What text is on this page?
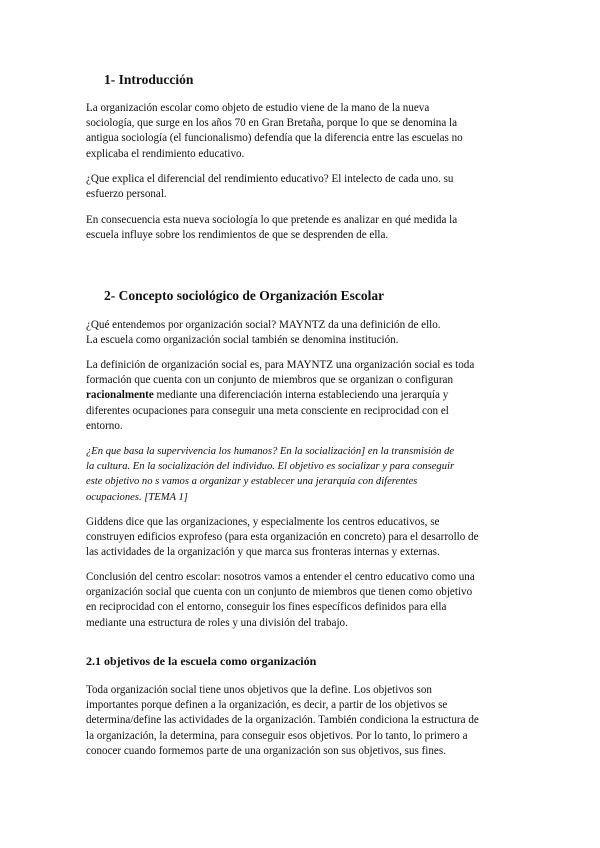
1- Introducción
La organización escolar como objeto de estudio viene de la mano de la nueva
sociología, que surge en los años 70 en Gran Bretaña, porque lo que se denomina la
antigua sociología (el funcionalismo) defendía que la diferencia entre las escuelas no
explicaba el rendimiento educativo.
¿Que explica el diferencial del rendimiento educativo? El intelecto de cada uno. su
esfuerzo personal.
En consecuencia esta nueva sociología lo que pretende es analizar en qué medida la
escuela influye sobre los rendimientos de que se desprenden de ella.
2- Concepto sociológico de Organización Escolar
¿Qué entendemos por organización social? MAYNTZ da una definición de ello.
La escuela como organización social también se denomina institución.
La definición de organización social es, para MAYNTZ una organización social es toda
formación que cuenta con un conjunto de miembros que se organizan o configuran
racionalmente mediante una diferenciación interna estableciendo una jerarquía y
diferentes ocupaciones para conseguir una meta consciente en reciprocidad con el
entorno.
¿En que basa la supervivencia los humanos? En la socialización] en la transmisión de
la cultura. En la socialización del individuo. El objetivo es socializar y para conseguir
este objetivo no s vamos a organizar y establecer una jerarquía con diferentes
ocupaciones. [TEMA 1]
Giddens dice que las organizaciones, y especialmente los centros educativos, se
construyen edificios exprofeso (para esta organización en concreto) para el desarrollo de
las actividades de la organización y que marca sus fronteras internas y externas.
Conclusión del centro escolar: nosotros vamos a entender el centro educativo como una
organización social que cuenta con un conjunto de miembros que tienen como objetivo
en reciprocidad con el entorno, conseguir los fines específicos definidos para ella
mediante una estructura de roles y una división del trabajo.
2.1 objetivos de la escuela como organización
Toda organización social tiene unos objetivos que la define. Los objetivos son
importantes porque definen a la organización, es decir, a partir de los objetivos se
determina/define las actividades de la organización. También condiciona la estructura de
la organización, la determina, para conseguir esos objetivos. Por lo tanto, lo primero a
conocer cuando formemos parte de una organización son sus objetivos, sus fines.
